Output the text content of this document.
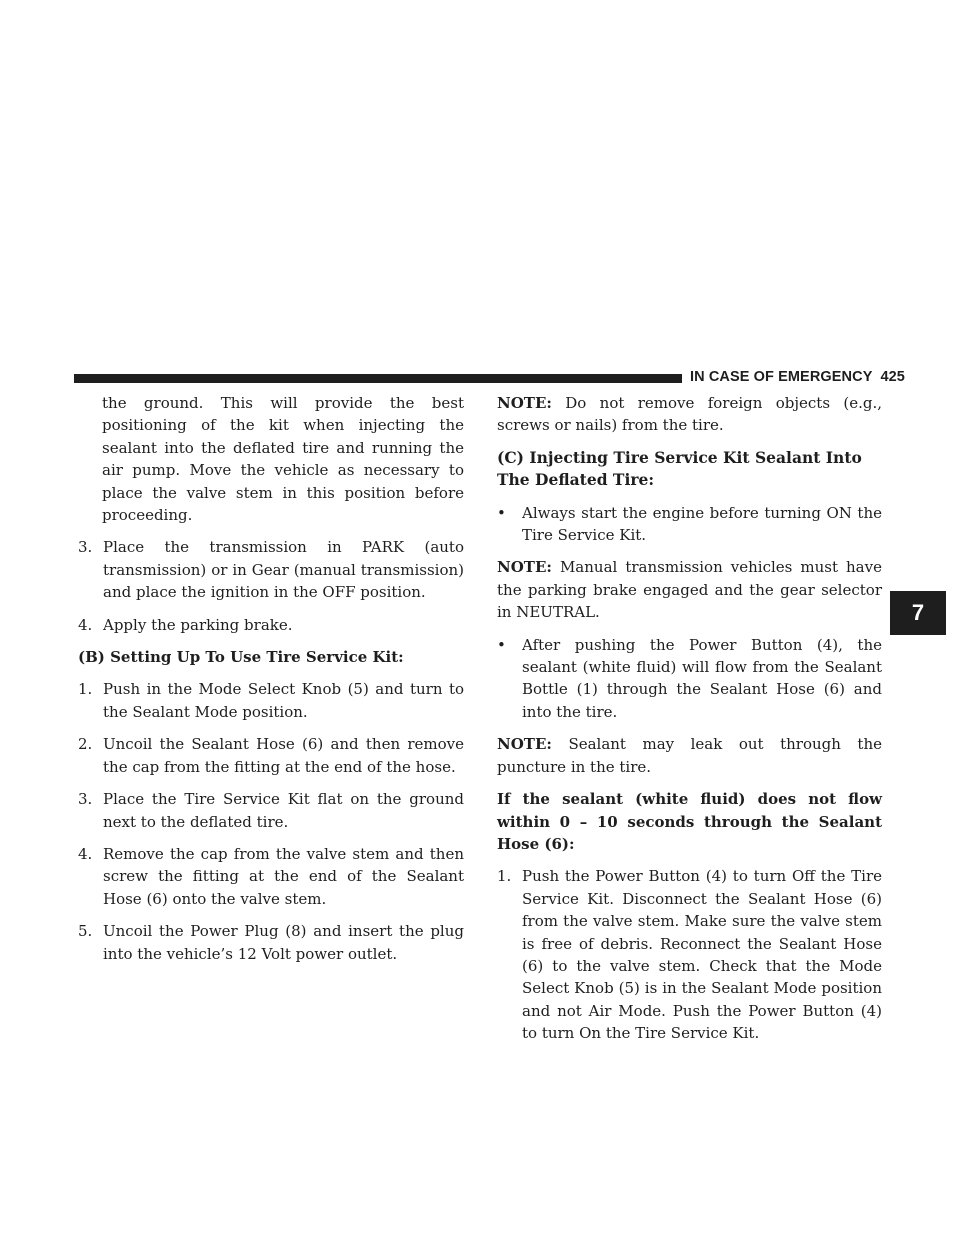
IN CASE OF EMERGENCY 425
7

the ground. This will provide the best positioning of the kit when injecting the sealant into the deflated tire and running the air pump. Move the vehicle as necessary to place the valve stem in this position before proceeding.

3. Place the transmission in PARK (auto transmission) or in Gear (manual transmission) and place the ignition in the OFF position.
4. Apply the parking brake.

(B) Setting Up To Use Tire Service Kit:

1. Push in the Mode Select Knob (5) and turn to the Sealant Mode position.
2. Uncoil the Sealant Hose (6) and then remove the cap from the fitting at the end of the hose.
3. Place the Tire Service Kit flat on the ground next to the deflated tire.
4. Remove the cap from the valve stem and then screw the fitting at the end of the Sealant Hose (6) onto the valve stem.
5. Uncoil the Power Plug (8) and insert the plug into the vehicle’s 12 Volt power outlet.

NOTE: Do not remove foreign objects (e.g., screws or nails) from the tire.

(C) Injecting Tire Service Kit Sealant Into The Deflated Tire:

• Always start the engine before turning ON the Tire Service Kit.

NOTE: Manual transmission vehicles must have the parking brake engaged and the gear selector in NEUTRAL.

• After pushing the Power Button (4), the sealant (white fluid) will flow from the Sealant Bottle (1) through the Sealant Hose (6) and into the tire.

NOTE: Sealant may leak out through the puncture in the tire.

If the sealant (white fluid) does not flow within 0 – 10 seconds through the Sealant Hose (6):

1. Push the Power Button (4) to turn Off the Tire Service Kit. Disconnect the Sealant Hose (6) from the valve stem. Make sure the valve stem is free of debris. Reconnect the Sealant Hose (6) to the valve stem. Check that the Mode Select Knob (5) is in the Sealant Mode position and not Air Mode. Push the Power Button (4) to turn On the Tire Service Kit.
